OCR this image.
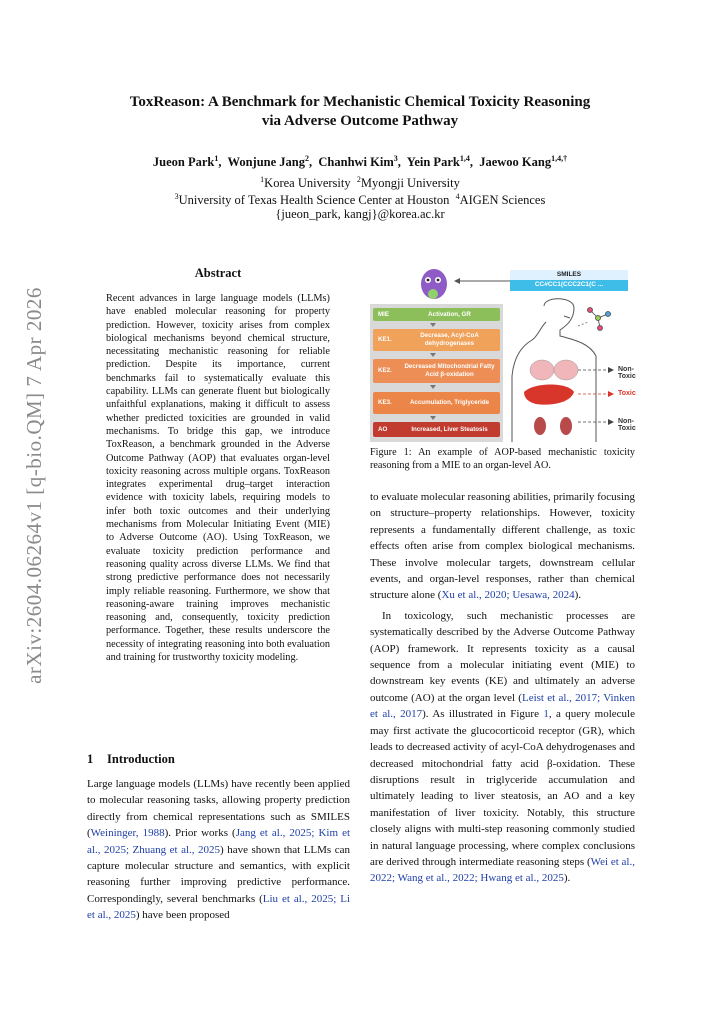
arXiv:2604.06264v1 [q-bio.QM] 7 Apr 2026
ToxReason: A Benchmark for Mechanistic Chemical Toxicity Reasoning
via Adverse Outcome Pathway
Jueon Park$^1$,  Wonjune Jang$^2$,  Chanhwi Kim$^3$,  Yein Park$^{1,4}$,  Jaewoo Kang$^{1,4,\dagger}$
$^1$Korea University $^2$Myongji University
$^3$University of Texas Health Science Center at Houston $^4$AIGEN Sciences
{jueon_park, kangj}@korea.ac.kr
Abstract
Recent advances in large language models (LLMs) have enabled molecular reasoning for property prediction. However, toxicity arises from complex biological mechanisms beyond chemical structure, necessitating mechanistic reasoning for reliable prediction. Despite its importance, current benchmarks fail to systematically evaluate this capability. LLMs can generate fluent but biologically unfaithful explanations, making it difficult to assess whether predicted toxicities are grounded in valid mechanisms. To bridge this gap, we introduce ToxReason, a benchmark grounded in the Adverse Outcome Pathway (AOP) that evaluates organ-level toxicity reasoning across multiple organs. ToxReason integrates experimental drug–target interaction evidence with toxicity labels, requiring models to infer both toxic outcomes and their underlying mechanisms from Molecular Initiating Event (MIE) to Adverse Outcome (AO). Using ToxReason, we evaluate toxicity prediction performance and reasoning quality across diverse LLMs. We find that strong predictive performance does not necessarily imply reliable reasoning. Furthermore, we show that reasoning-aware training improves mechanistic reasoning and, consequently, toxicity prediction performance. Together, these results underscore the necessity of integrating reasoning into both evaluation and training for trustworthy toxicity modeling.
1 Introduction
Large language models (LLMs) have recently been applied to molecular reasoning tasks, allowing property prediction directly from chemical representations such as SMILES (Weininger, 1988). Prior works (Jang et al., 2025; Kim et al., 2025; Zhuang et al., 2025) have shown that LLMs can capture molecular structure and semantics, with explicit reasoning further improving predictive performance. Correspondingly, several benchmarks (Liu et al., 2025; Li et al., 2025) have been proposed
SMILES
CC#CC1(CCC2C1(C ...
MIE	Activation, GR
KE1.
Decrease, Acyl-CoA dehydrogenases
KE2.
Decreased Mitochondrial Fatty Acid β-oxidation
KE3.	Accumulation, Triglyceride
AO	Increased, Liver Steatosis
Non-Toxic
Toxic
Non-Toxic
Figure 1: An example of AOP-based mechanistic toxicity reasoning from a MIE to an organ-level AO.

to evaluate molecular reasoning abilities, primarily focusing on structure–property relationships. However, toxicity represents a fundamentally different challenge, as toxic effects often arise from complex biological mechanisms. These involve molecular targets, downstream cellular events, and organ-level responses, rather than chemical structure alone (Xu et al., 2020; Uesawa, 2024).

In toxicology, such mechanistic processes are systematically described by the Adverse Outcome Pathway (AOP) framework. It represents toxicity as a causal sequence from a molecular initiating event (MIE) to downstream key events (KE) and ultimately an adverse outcome (AO) at the organ level (Leist et al., 2017; Vinken et al., 2017). As illustrated in Figure 1, a query molecule may first activate the glucocorticoid receptor (GR), which leads to decreased activity of acyl-CoA dehydrogenases and decreased mitochondrial fatty acid β-oxidation. These disruptions result in triglyceride accumulation and ultimately leading to liver steatosis, an AO and a key manifestation of liver toxicity. Notably, this structure closely aligns with multi-step reasoning commonly studied in natural language processing, where complex conclusions are derived through intermediate reasoning steps (Wei et al., 2022; Wang et al., 2022; Hwang et al., 2025).
